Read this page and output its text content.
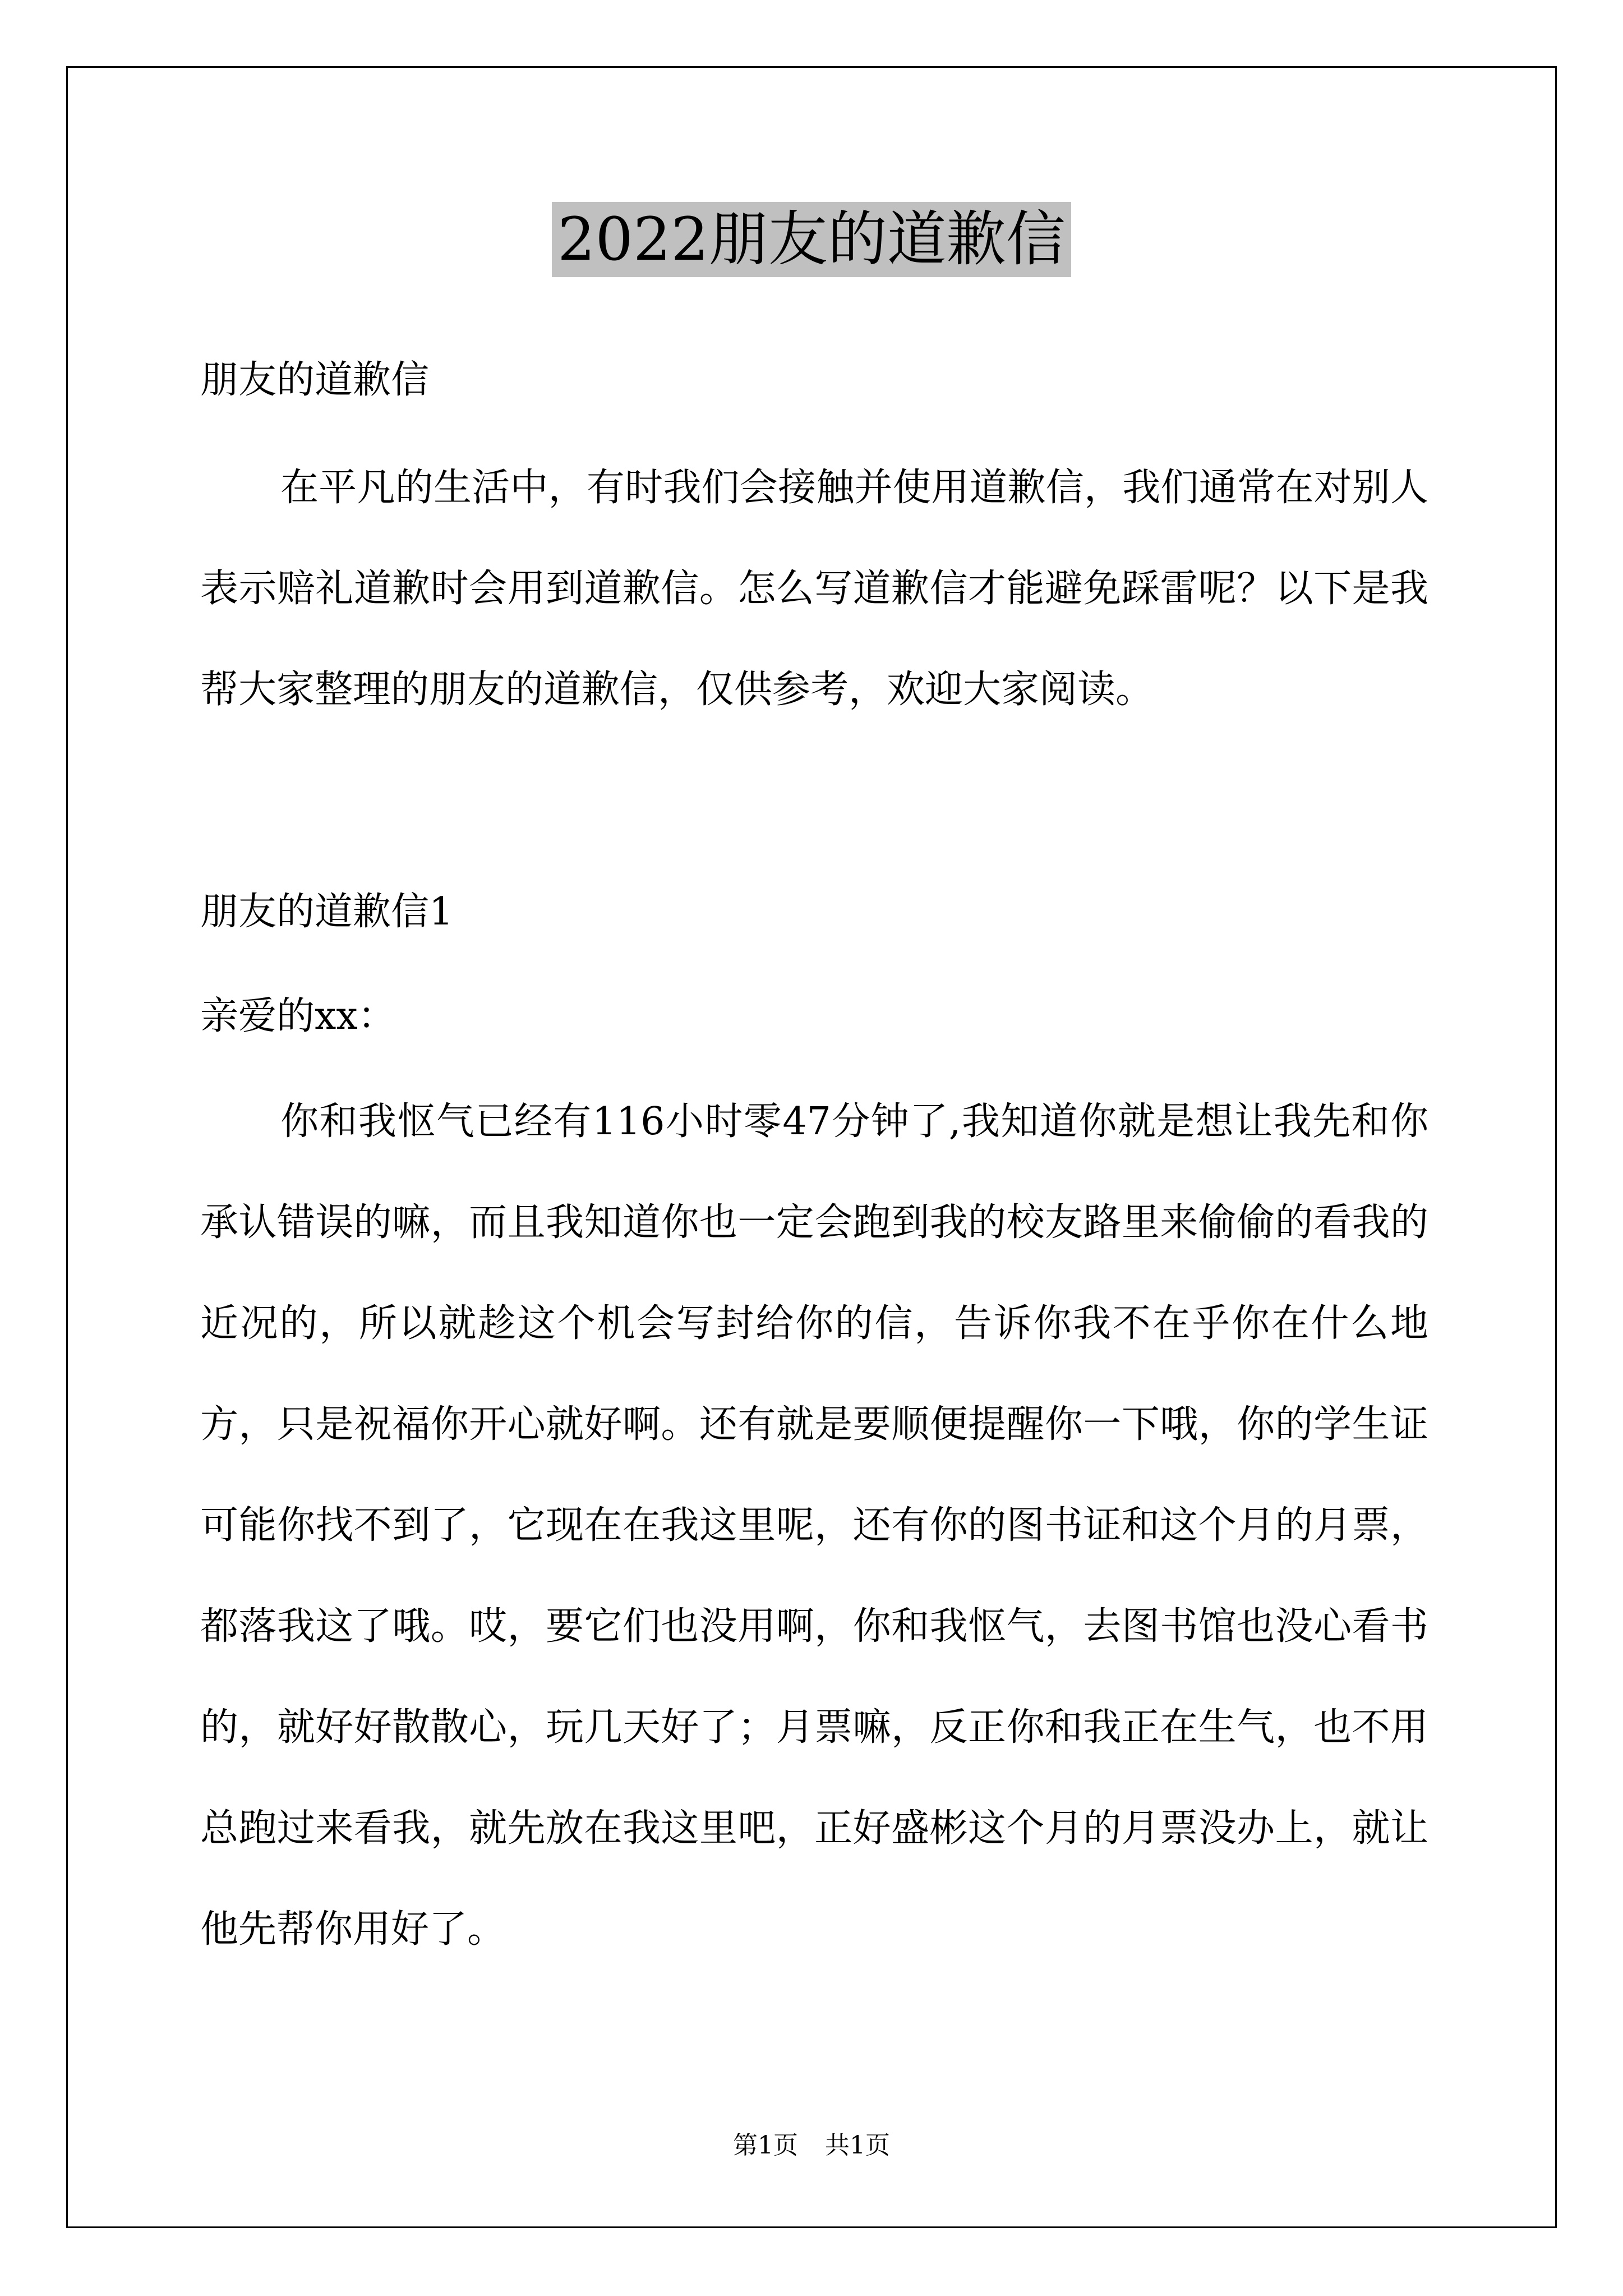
2022朋友的道歉信

朋友的道歉信

在平凡的生活中，有时我们会接触并使用道歉信，我们通常在对别人表示赔礼道歉时会用到道歉信。怎么写道歉信才能避免踩雷呢？以下是我帮大家整理的朋友的道歉信，仅供参考，欢迎大家阅读。

朋友的道歉信1

亲爱的xx：

你和我怄气已经有116小时零47分钟了,我知道你就是想让我先和你承认错误的嘛，而且我知道你也一定会跑到我的校友路里来偷偷的看我的近况的，所以就趁这个机会写封给你的信，告诉你我不在乎你在什么地方，只是祝福你开心就好啊。还有就是要顺便提醒你一下哦，你的学生证可能你找不到了，它现在在我这里呢，还有你的图书证和这个月的月票，都落我这了哦。哎，要它们也没用啊，你和我怄气，去图书馆也没心看书的，就好好散散心，玩几天好了；月票嘛，反正你和我正在生气，也不用总跑过来看我，就先放在我这里吧，正好盛彬这个月的月票没办上，就让他先帮你用好了。

第1页 共1页
